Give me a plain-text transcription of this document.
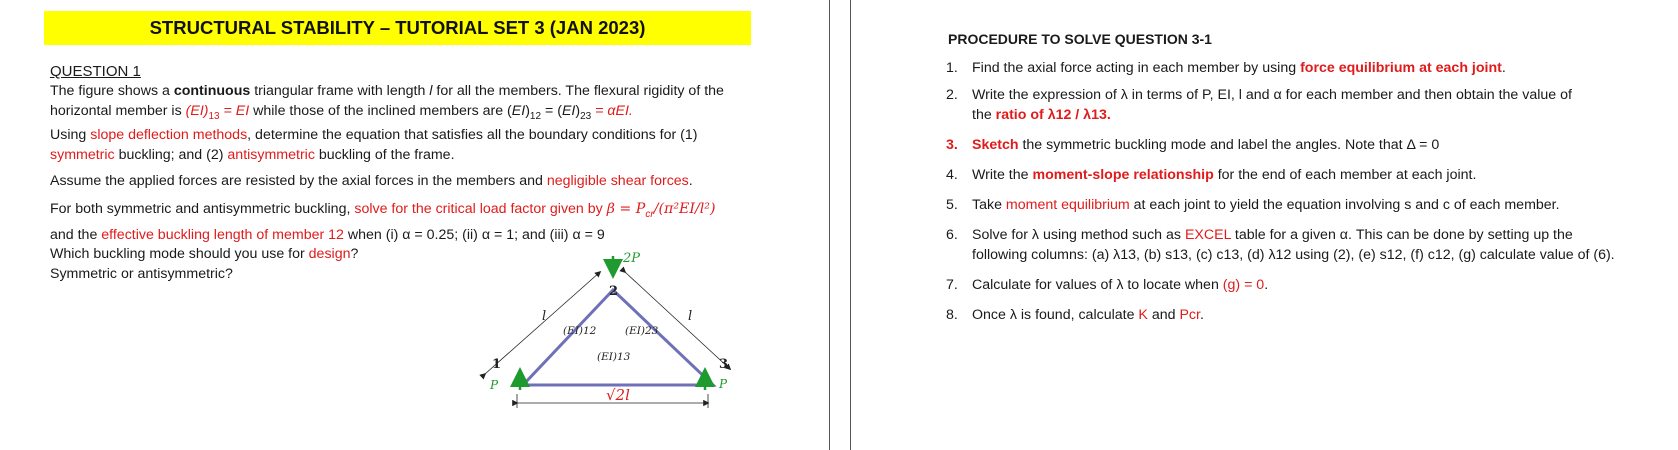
STRUCTURAL STABILITY – TUTORIAL SET 3 (JAN 2023)
QUESTION 1
The figure shows a continuous triangular frame with length l for all the members. The flexural rigidity of the
horizontal member is $(EI)_{13}$ = EI while those of the inclined members are $(EI)_{12} = (EI)_{23} = \alpha EI$.
Using slope deflection methods, determine the equation that satisfies all the boundary conditions for (1)
symmetric buckling; and (2) antisymmetric buckling of the frame.
Assume the applied forces are resisted by the axial forces in the members and negligible shear forces.
For both symmetric and antisymmetric buckling, solve for the critical load factor given by $\beta = P_{cr}/(\pi^2EI/l^2)$
and the effective buckling length of member 12 when (i) α = 0.25; (ii) α = 1; and (iii) α = 9
Which buckling mode should you use for design?
Symmetric or antisymmetric?
2P
P	P
1
2
3
l	l
(EI)12	(EI)23
(EI)13
√2l
PROCEDURE TO SOLVE QUESTION 3-1
1. Find the axial force acting in each member by using force equilibrium at each joint.
2. Write the expression of λ in terms of P, EI, l and α for each member and then obtain the value of
the ratio of λ12 / λ13.
3. Sketch the symmetric buckling mode and label the angles. Note that Δ = 0
4. Write the moment-slope relationship for the end of each member at each joint.
5. Take moment equilibrium at each joint to yield the equation involving s and c of each member.
6. Solve for λ using method such as EXCEL table for a given α. This can be done by setting up the
following columns: (a) λ13, (b) s13, (c) c13, (d) λ12 using (2), (e) s12, (f) c12, (g) calculate value of (6).
7. Calculate for values of λ to locate when (g) = 0.
8. Once λ is found, calculate K and Pcr.
